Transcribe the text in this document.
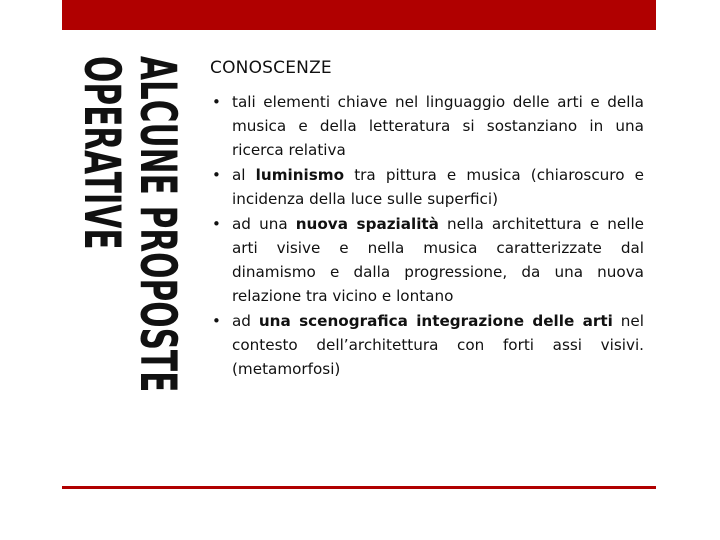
ALCUNE PROPOSTE
OPERATIVE	CONOSCENZE
• tali elementi chiave nel linguaggio delle arti e della musica e della letteratura si sostanziano in una ricerca relativa
• al luminismo tra pittura e musica (chiaroscuro e incidenza della luce sulle superfici)
• ad una nuova spazialità nella architettura e nelle arti visive e nella musica caratterizzate dal dinamismo e dalla progressione, da una nuova relazione tra vicino e lontano
• ad una scenografica integrazione delle arti nel contesto dell’architettura con forti assi visivi. (metamorfosi)
